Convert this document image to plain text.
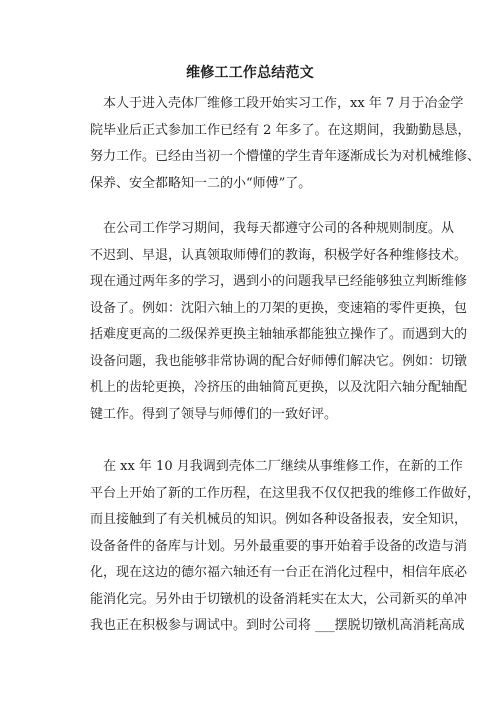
维修工工作总结范文
本人于进入壳体厂维修工段开始实习工作，xx 年 7 月于冶金学
院毕业后正式参加工作已经有 2 年多了。在这期间，我勤勤恳恳，
努力工作。已经由当初一个懵懂的学生青年逐渐成长为对机械维修、
保养、安全都略知一二的小“师傅”了。
在公司工作学习期间，我每天都遵守公司的各种规则制度。从
不迟到、早退，认真领取师傅们的教诲，积极学好各种维修技术。
现在通过两年多的学习，遇到小的问题我早已经能够独立判断维修
设备了。例如：沈阳六轴上的刀架的更换，变速箱的零件更换，包
括难度更高的二级保养更换主轴轴承都能独立操作了。而遇到大的
设备问题，我也能够非常协调的配合好师傅们解决它。例如：切镦
机上的齿轮更换，冷挤压的曲轴简瓦更换，以及沈阳六轴分配轴配
键工作。得到了领导与师傅们的一致好评。
在 xx 年 10 月我调到壳体二厂继续从事维修工作，在新的工作
平台上开始了新的工作历程，在这里我不仅仅把我的维修工作做好，
而且接触到了有关机械员的知识。例如各种设备报表，安全知识，
设备备件的备库与计划。另外最重要的事开始着手设备的改造与消
化，现在这边的德尔福六轴还有一台正在消化过程中，相信年底必
能消化完。另外由于切镦机的设备消耗实在太大，公司新买的单冲
我也正在积极参与调试中。到时公司将 ___摆脱切镦机高消耗高成
